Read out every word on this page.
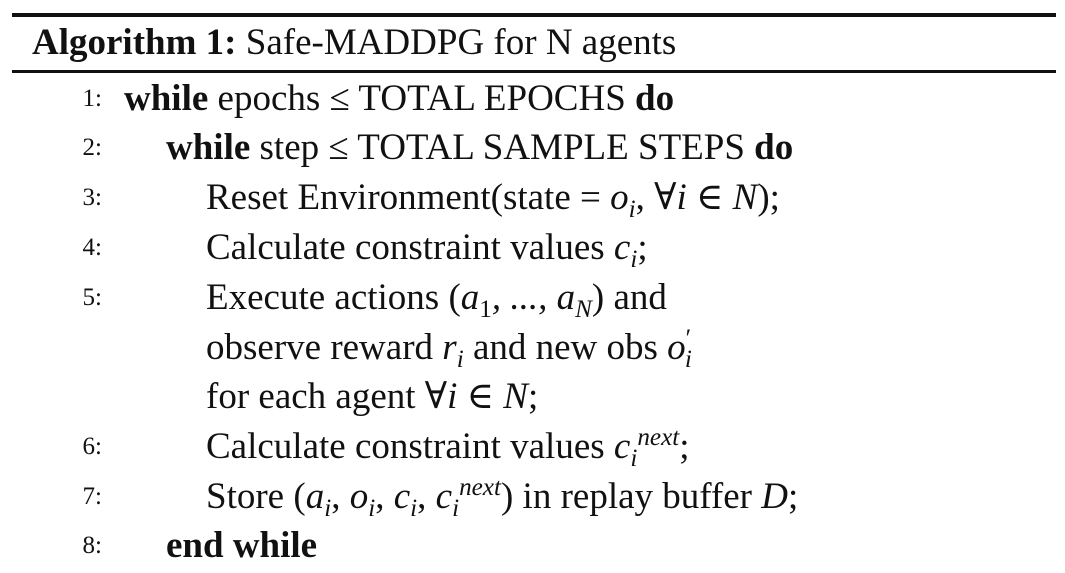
Algorithm 1: Safe-MADDPG for N agents
1: while epochs ≤ TOTAL EPOCHS do
2: while step ≤ TOTAL SAMPLE STEPS do
3:	Reset Environment(state = $o_i$, ∀i ∈ N);
4:	Calculate constraint values $c_i$;
5:	Execute actions ($a_1$, ..., $a_N$) and
observe reward $r_i$ and new obs $o'_i$
for each agent ∀i ∈ N;
6:	Calculate constraint values $c_i^{next}$;
7:	Store ($a_i$, $o_i$, $c_i$, $c_i^{next}$) in replay buffer D;
8: end while
